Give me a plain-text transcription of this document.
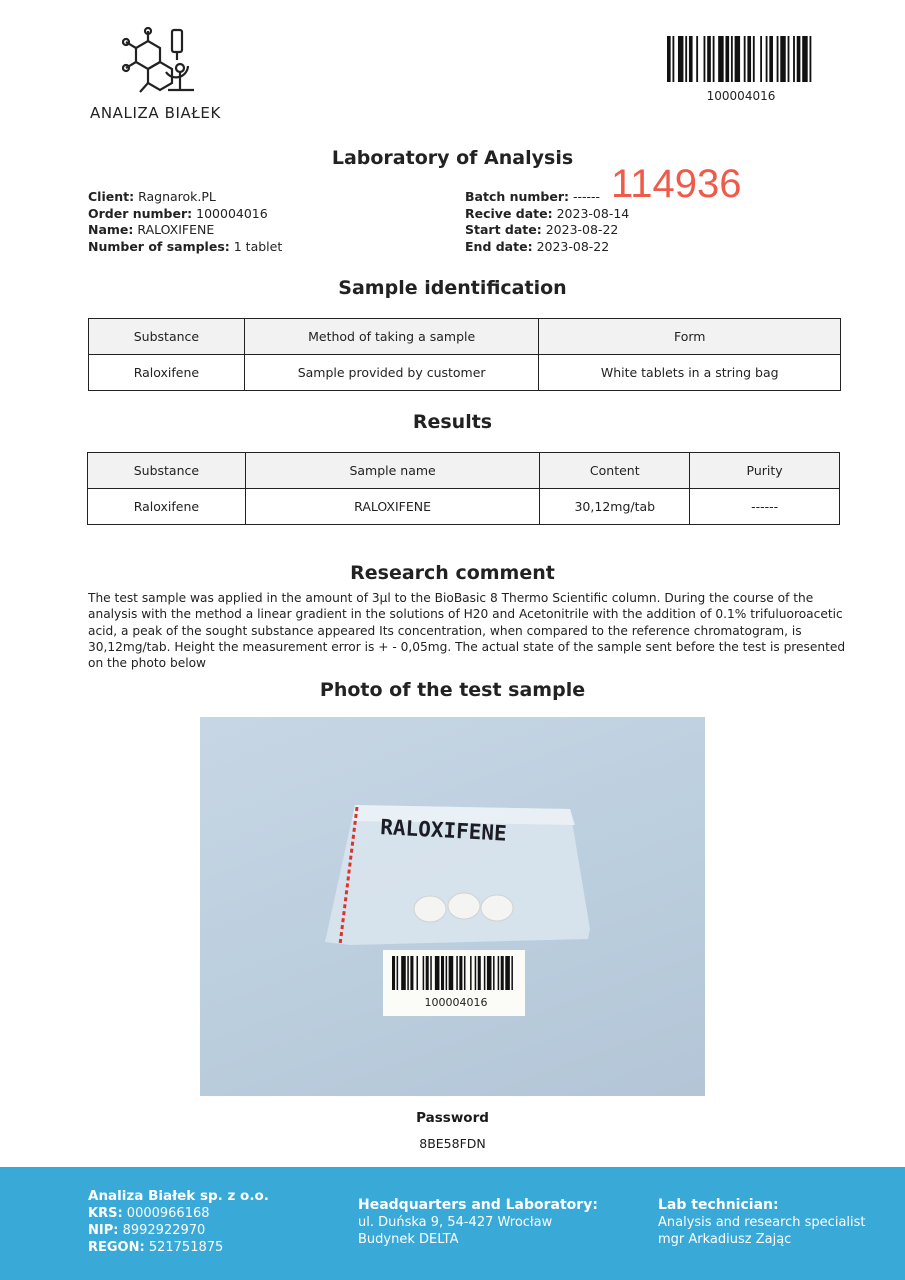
ANALIZA BIAŁEK
100004016
Laboratory of Analysis
Client: Ragnarok.PL
Order number: 100004016
Name: RALOXIFENE
Number of samples: 1 tablet
Batch number: ------
Recive date: 2023-08-14
Start date: 2023-08-22
End date: 2023-08-22
114936
Sample identification
Substance	Method of taking a sample	Form
Raloxifene	Sample provided by customer	White tablets in a string bag
Results
Substance	Sample name	Content	Purity
Raloxifene	RALOXIFENE	30,12mg/tab	------
Research comment
The test sample was applied in the amount of 3µl to the BioBasic 8 Thermo Scientific column. During the course of the analysis with the method a linear gradient in the solutions of H20 and Acetonitrile with the addition of 0.1% trifuluoroacetic acid, a peak of the sought substance appeared Its concentration, when compared to the reference chromatogram, is 30,12mg/tab. Height the measurement error is + - 0,05mg. The actual state of the sample sent before the test is presented on the photo below
Photo of the test sample
RALOXIFENE
100004016
Password
8BE58FDN
Analiza Białek sp. z o.o.
KRS: 0000966168
NIP: 8992922970
REGON: 521751875
Headquarters and Laboratory:
ul. Duńska 9, 54-427 Wrocław
Budynek DELTA
Lab technician:
Analysis and research specialist
mgr Arkadiusz Zając
